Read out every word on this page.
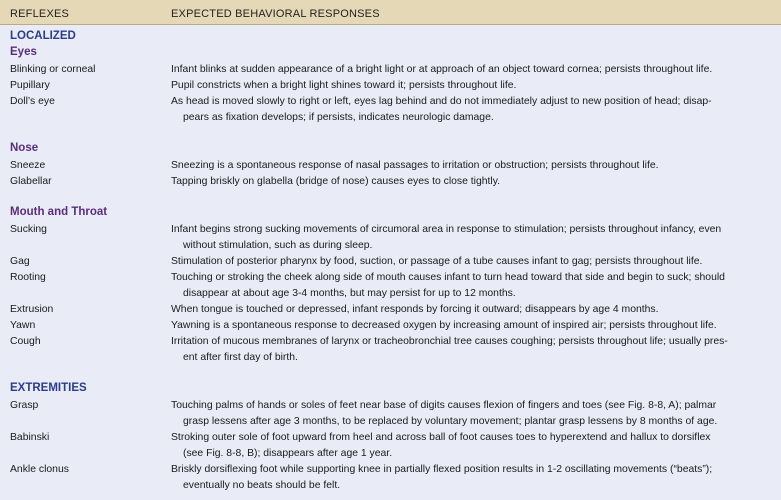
REFLEXES	EXPECTED BEHAVIORAL RESPONSES
LOCALIZED
Eyes
Blinking or corneal	Infant blinks at sudden appearance of a bright light or at approach of an object toward cornea; persists throughout life.
Pupillary	Pupil constricts when a bright light shines toward it; persists throughout life.
Doll’s eye	As head is moved slowly to right or left, eyes lag behind and do not immediately adjust to new position of head; disap-
pears as fixation develops; if persists, indicates neurologic damage.
Nose
Sneeze	Sneezing is a spontaneous response of nasal passages to irritation or obstruction; persists throughout life.
Glabellar	Tapping briskly on glabella (bridge of nose) causes eyes to close tightly.
Mouth and Throat
Sucking	Infant begins strong sucking movements of circumoral area in response to stimulation; persists throughout infancy, even
without stimulation, such as during sleep.
Gag	Stimulation of posterior pharynx by food, suction, or passage of a tube causes infant to gag; persists throughout life.
Rooting	Touching or stroking the cheek along side of mouth causes infant to turn head toward that side and begin to suck; should
disappear at about age 3-4 months, but may persist for up to 12 months.
Extrusion	When tongue is touched or depressed, infant responds by forcing it outward; disappears by age 4 months.
Yawn	Yawning is a spontaneous response to decreased oxygen by increasing amount of inspired air; persists throughout life.
Cough	Irritation of mucous membranes of larynx or tracheobronchial tree causes coughing; persists throughout life; usually pres-
ent after first day of birth.
EXTREMITIES
Grasp	Touching palms of hands or soles of feet near base of digits causes flexion of fingers and toes (see Fig. 8-8, A); palmar
grasp lessens after age 3 months, to be replaced by voluntary movement; plantar grasp lessens by 8 months of age.
Babinski	Stroking outer sole of foot upward from heel and across ball of foot causes toes to hyperextend and hallux to dorsiflex
(see Fig. 8-8, B); disappears after age 1 year.
Ankle clonus	Briskly dorsiflexing foot while supporting knee in partially flexed position results in 1-2 oscillating movements (“beats”);
eventually no beats should be felt.
